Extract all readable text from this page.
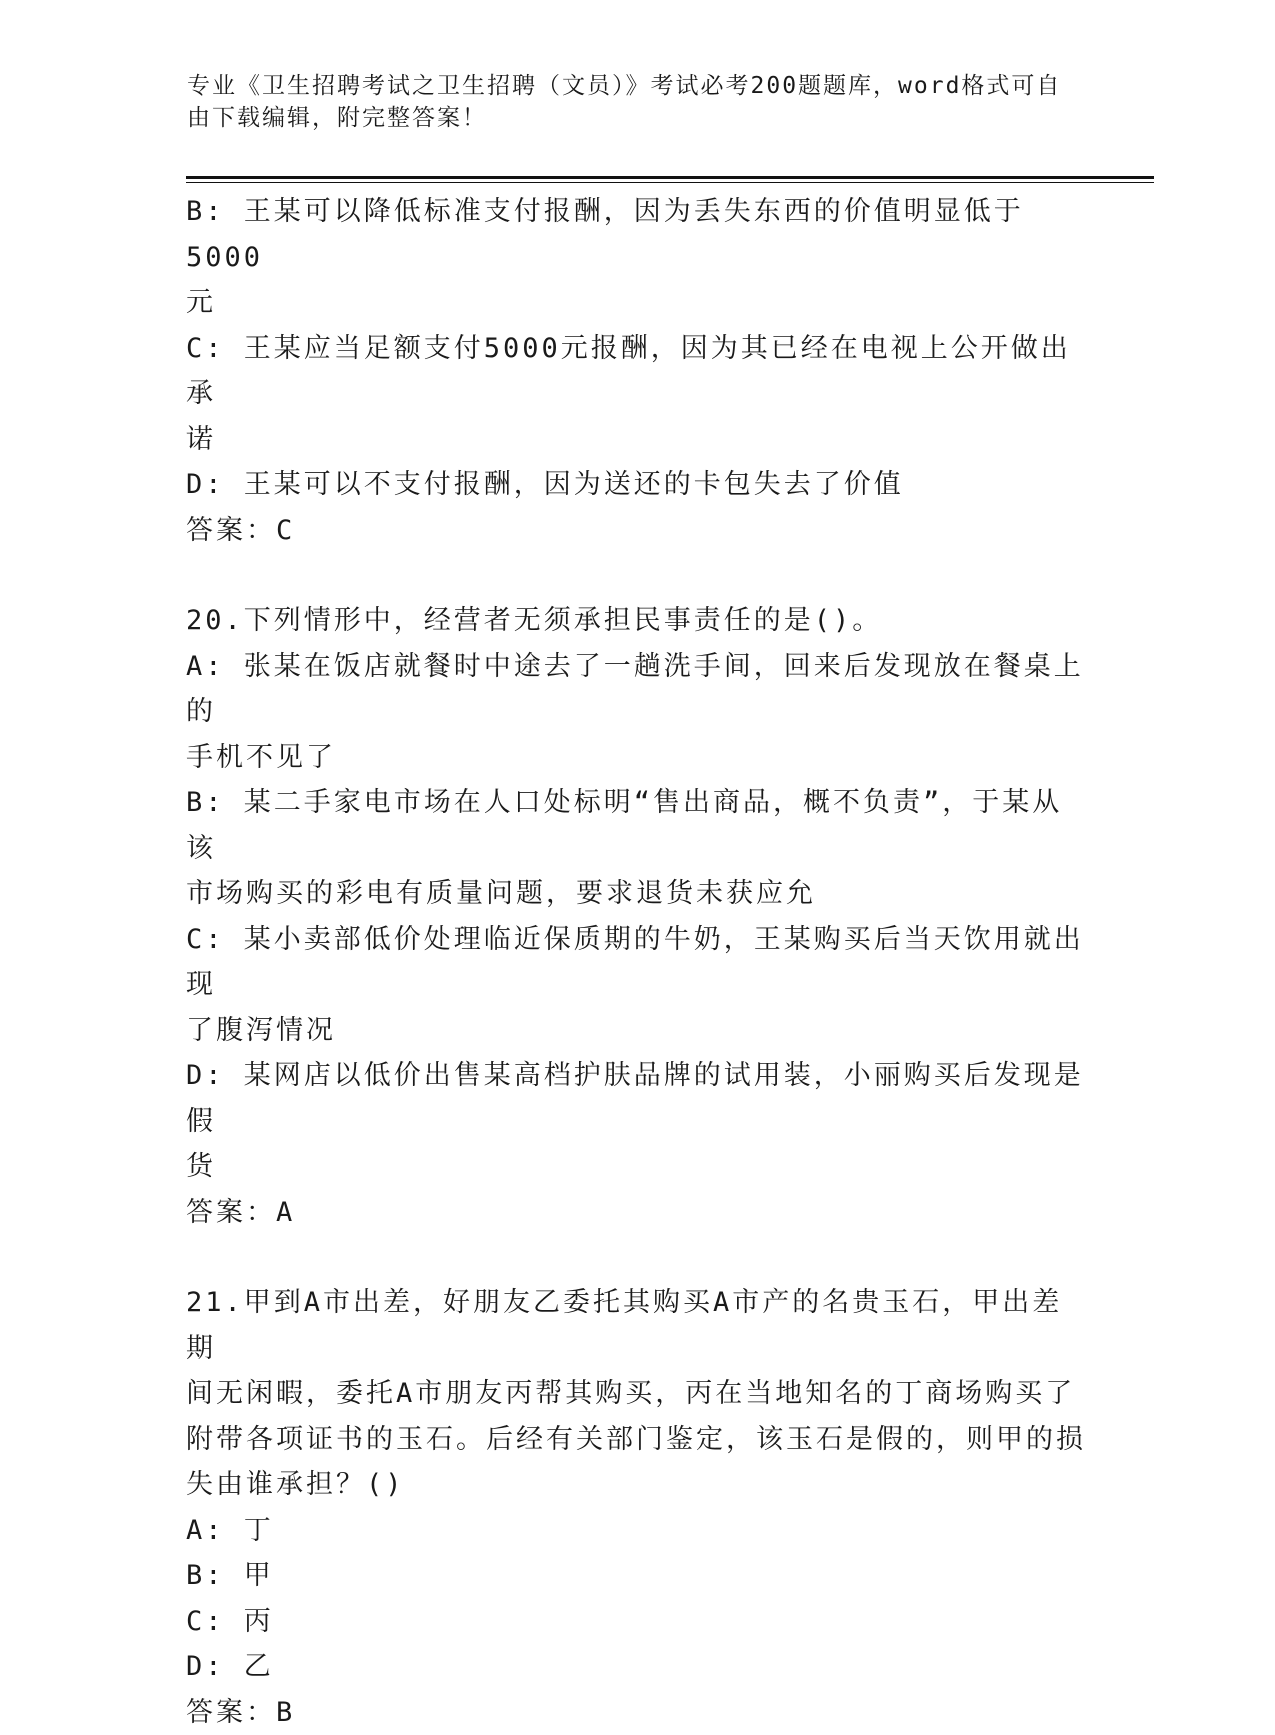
专业《卫生招聘考试之卫生招聘（文员）》考试必考200题题库，word格式可自
由下载编辑，附完整答案！
B: 王某可以降低标准支付报酬，因为丢失东西的价值明显低于5000
元
C: 王某应当足额支付5000元报酬，因为其已经在电视上公开做出承
诺
D: 王某可以不支付报酬，因为送还的卡包失去了价值
答案：C
20.下列情形中，经营者无须承担民事责任的是()。
A: 张某在饭店就餐时中途去了一趟洗手间，回来后发现放在餐桌上的
手机不见了
B: 某二手家电市场在人口处标明“售出商品，概不负责”，于某从该
市场购买的彩电有质量问题，要求退货未获应允
C: 某小卖部低价处理临近保质期的牛奶，王某购买后当天饮用就出现
了腹泻情况
D: 某网店以低价出售某高档护肤品牌的试用装，小丽购买后发现是假
货
答案：A
21.甲到A市出差，好朋友乙委托其购买A市产的名贵玉石，甲出差期
间无闲暇，委托A市朋友丙帮其购买，丙在当地知名的丁商场购买了
附带各项证书的玉石。后经有关部门鉴定，该玉石是假的，则甲的损
失由谁承担？()
A: 丁
B: 甲
C: 丙
D: 乙
答案：B
